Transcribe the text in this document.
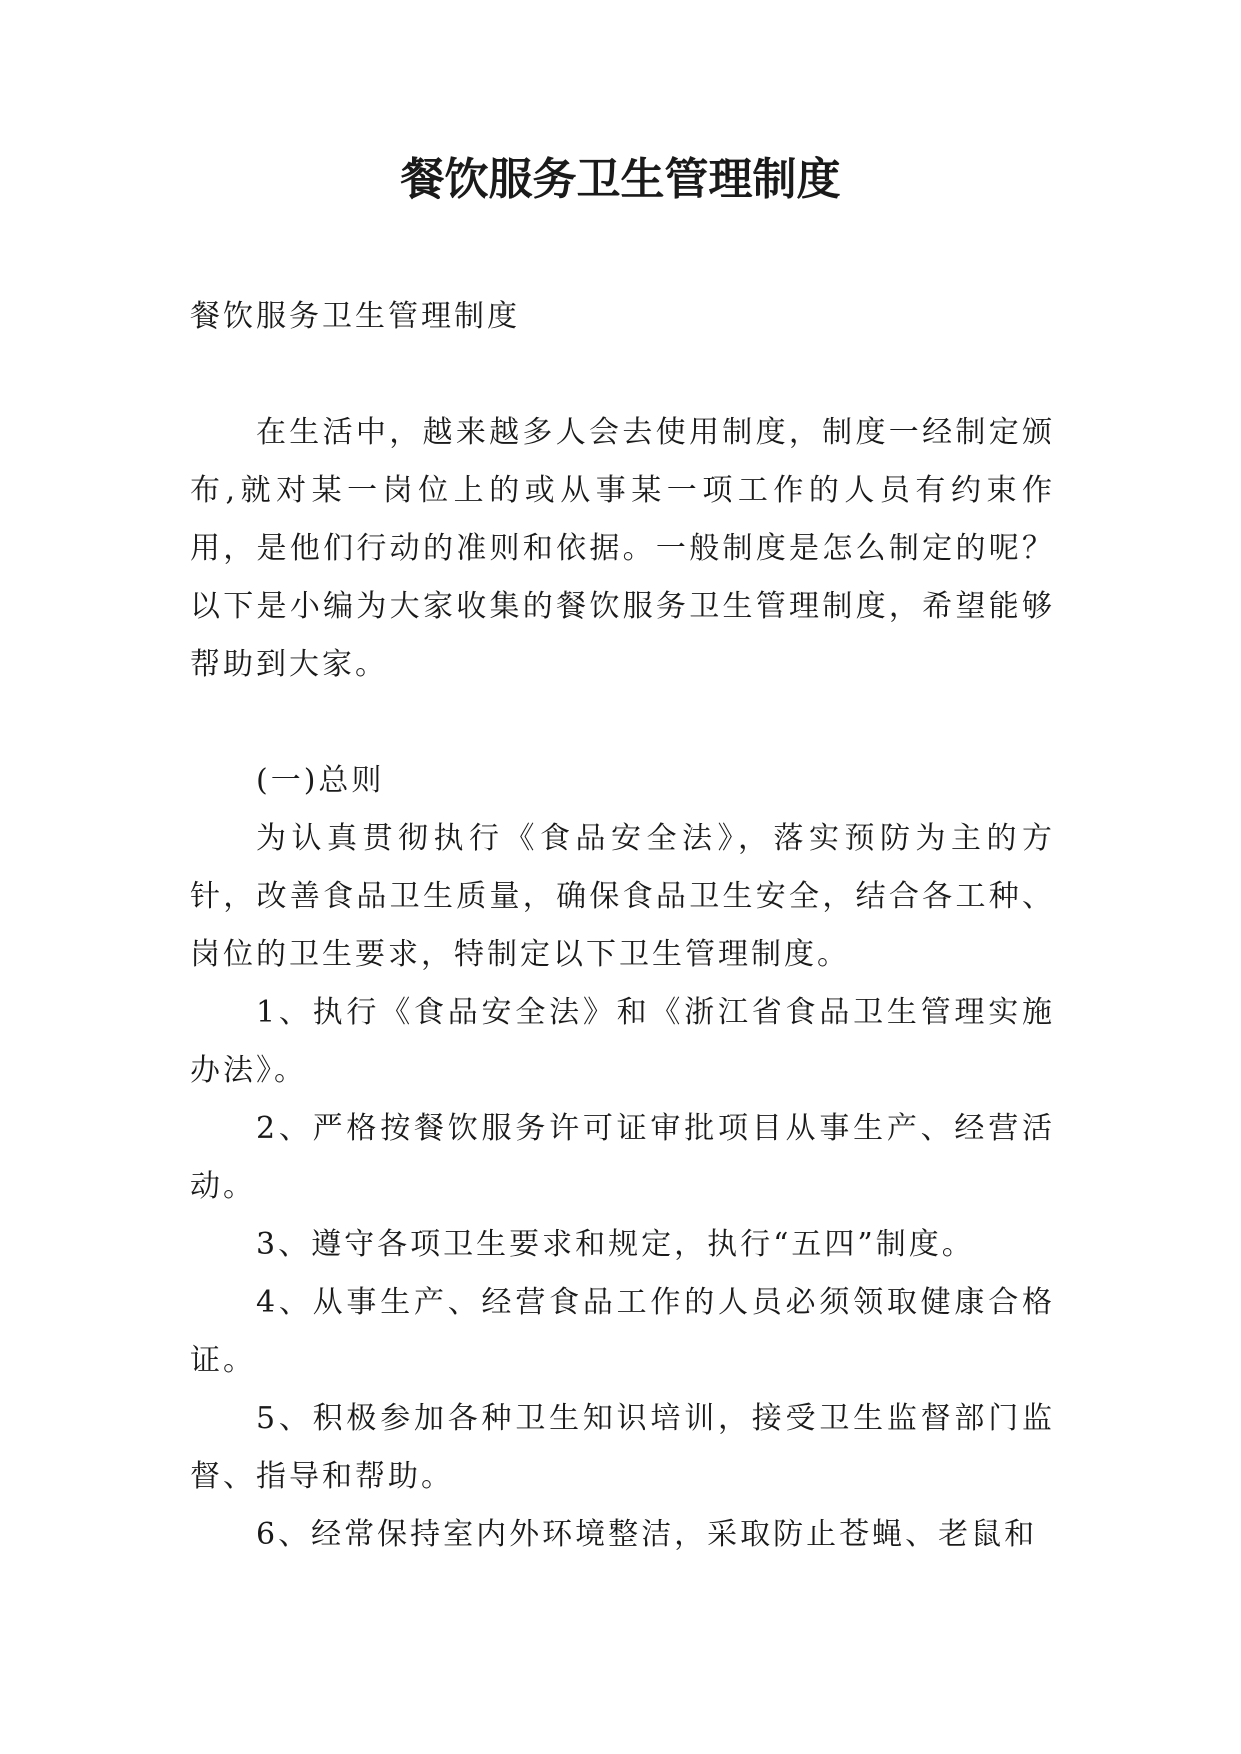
餐饮服务卫生管理制度

餐饮服务卫生管理制度

在生活中，越来越多人会去使用制度，制度一经制定颁布,就对某一岗位上的或从事某一项工作的人员有约束作用，是他们行动的准则和依据。一般制度是怎么制定的呢？以下是小编为大家收集的餐饮服务卫生管理制度，希望能够帮助到大家。

(一)总则

为认真贯彻执行《食品安全法》，落实预防为主的方针，改善食品卫生质量，确保食品卫生安全，结合各工种、岗位的卫生要求，特制定以下卫生管理制度。

1、执行《食品安全法》和《浙江省食品卫生管理实施办法》。

2、严格按餐饮服务许可证审批项目从事生产、经营活动。

3、遵守各项卫生要求和规定，执行“五四”制度。

4、从事生产、经营食品工作的人员必须领取健康合格证。

5、积极参加各种卫生知识培训，接受卫生监督部门监督、指导和帮助。

6、经常保持室内外环境整洁，采取防止苍蝇、老鼠和
